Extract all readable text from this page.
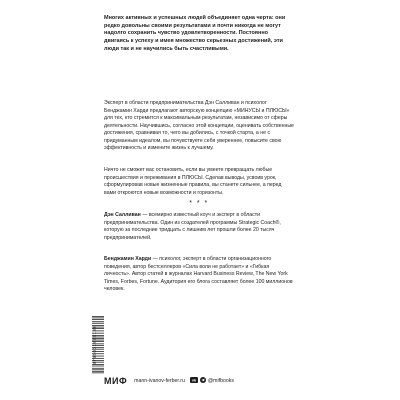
Многих активных и успешных людей объединяет одна черта: они редко довольны своими результатами и почти никогда не могут надолго сохранить чувство удовлетворенности. Постоянно двигаясь к успеху и имея множество серьезных достижений, эти люди так и не научились быть счастливыми.

Эксперт в области предпринимательства Дэн Салливан и психолог Бенджамин Харди предлагают авторскую концепцию «МИНУСЫ и ПЛЮСЫ» для тех, кто стремится к максимальным результатам, независимо от сферы деятельности. Научившись, согласно этой концепции, оценивать собственные достижения, сравнивая то, чего вы добились, с точкой старта, а не с придуманным идеалом, вы почувствуете себя увереннее, повысите свою эффективность и измените жизнь к лучшему.

Ничто не сможет вас остановить, если вы умеете превращать любые происшествия и переживания в ПЛЮСЫ. Сделав выводы, усвоив урок, сформулировав новые жизненные правила, вы станете сильнее, а перед вами откроются новые возможности и горизонты.

* * *

Дэн Салливан — всемирно известный коуч и эксперт в области предпринимательства. Один из создателей программы Strategic Coach®, которую за последние тридцать с лишним лет прошли более 20 тысяч предпринимателей.

Бенджамин Харди — психолог, эксперт в области организационного поведения, автор бестселлеров «Сила воли не работает» и «Гибкая личность». Автор статей в журналах Harvard Business Review, The New York Times, Forbes, Fortune. Аудитория его блога составляет более 100 миллионов человек.

9785001955139
МИФ mann-ivanov-ferber.ru vk @mifbooks
